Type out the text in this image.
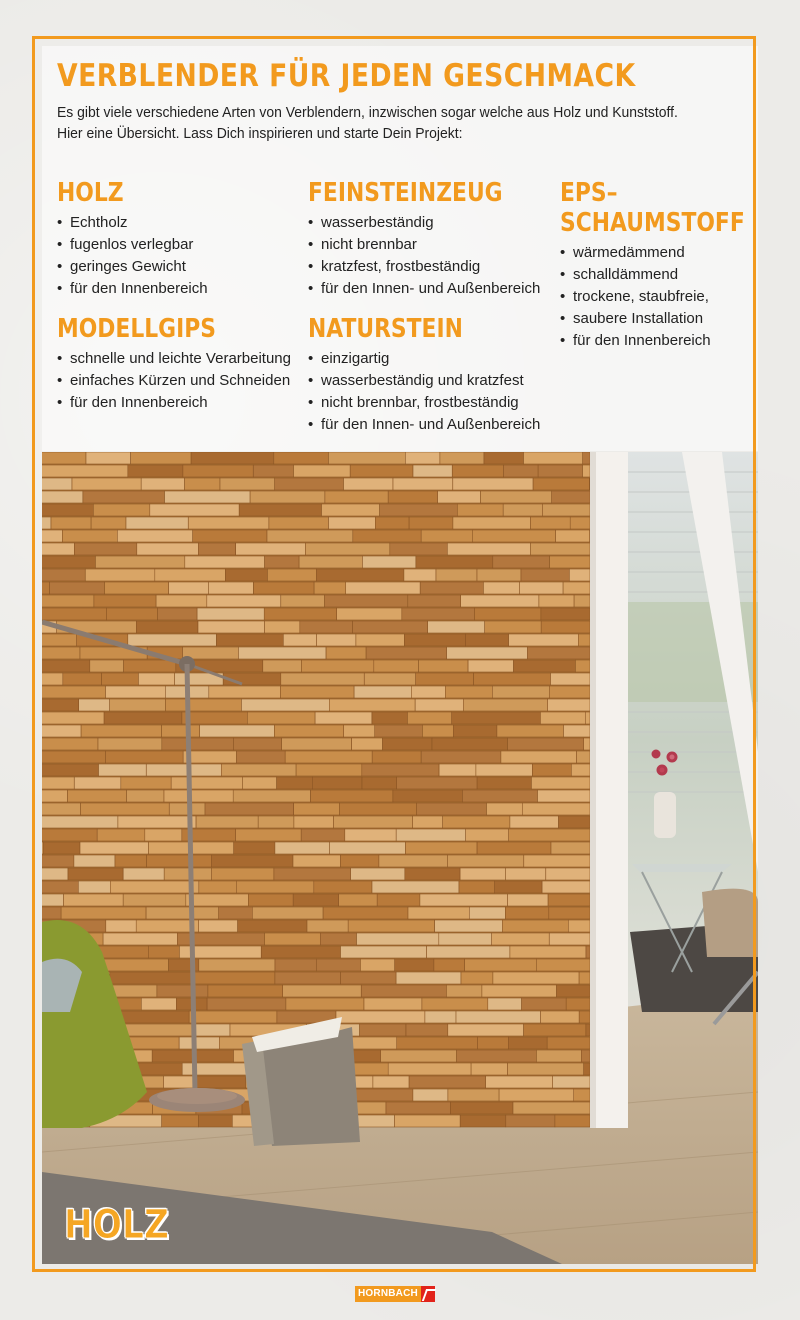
VERBLENDER FÜR JEDEN GESCHMACK

Es gibt viele verschiedene Arten von Verblendern, inzwischen sogar welche aus Holz und Kunststoff.
Hier eine Übersicht. Lass Dich inspirieren und starte Dein Projekt:

HOLZ
• Echtholz
• fugenlos verlegbar
• geringes Gewicht
• für den Innenbereich
MODELLGIPS
• schnelle und leichte Verarbeitung
• einfaches Kürzen und Schneiden
• für den Innenbereich
FEINSTEINZEUG
• wasserbeständig
• nicht brennbar
• kratzfest, frostbeständig
• für den Innen- und Außenbereich
NATURSTEIN
• einzigartig
• wasserbeständig und kratzfest
• nicht brennbar, frostbeständig
• für den Innen- und Außenbereich
EPS–
SCHAUMSTOFF
• wärmedämmend
• schalldämmend
• trockene, staubfreie,
• saubere Installation
• für den Innenbereich
HOLZ
HORNBACH
